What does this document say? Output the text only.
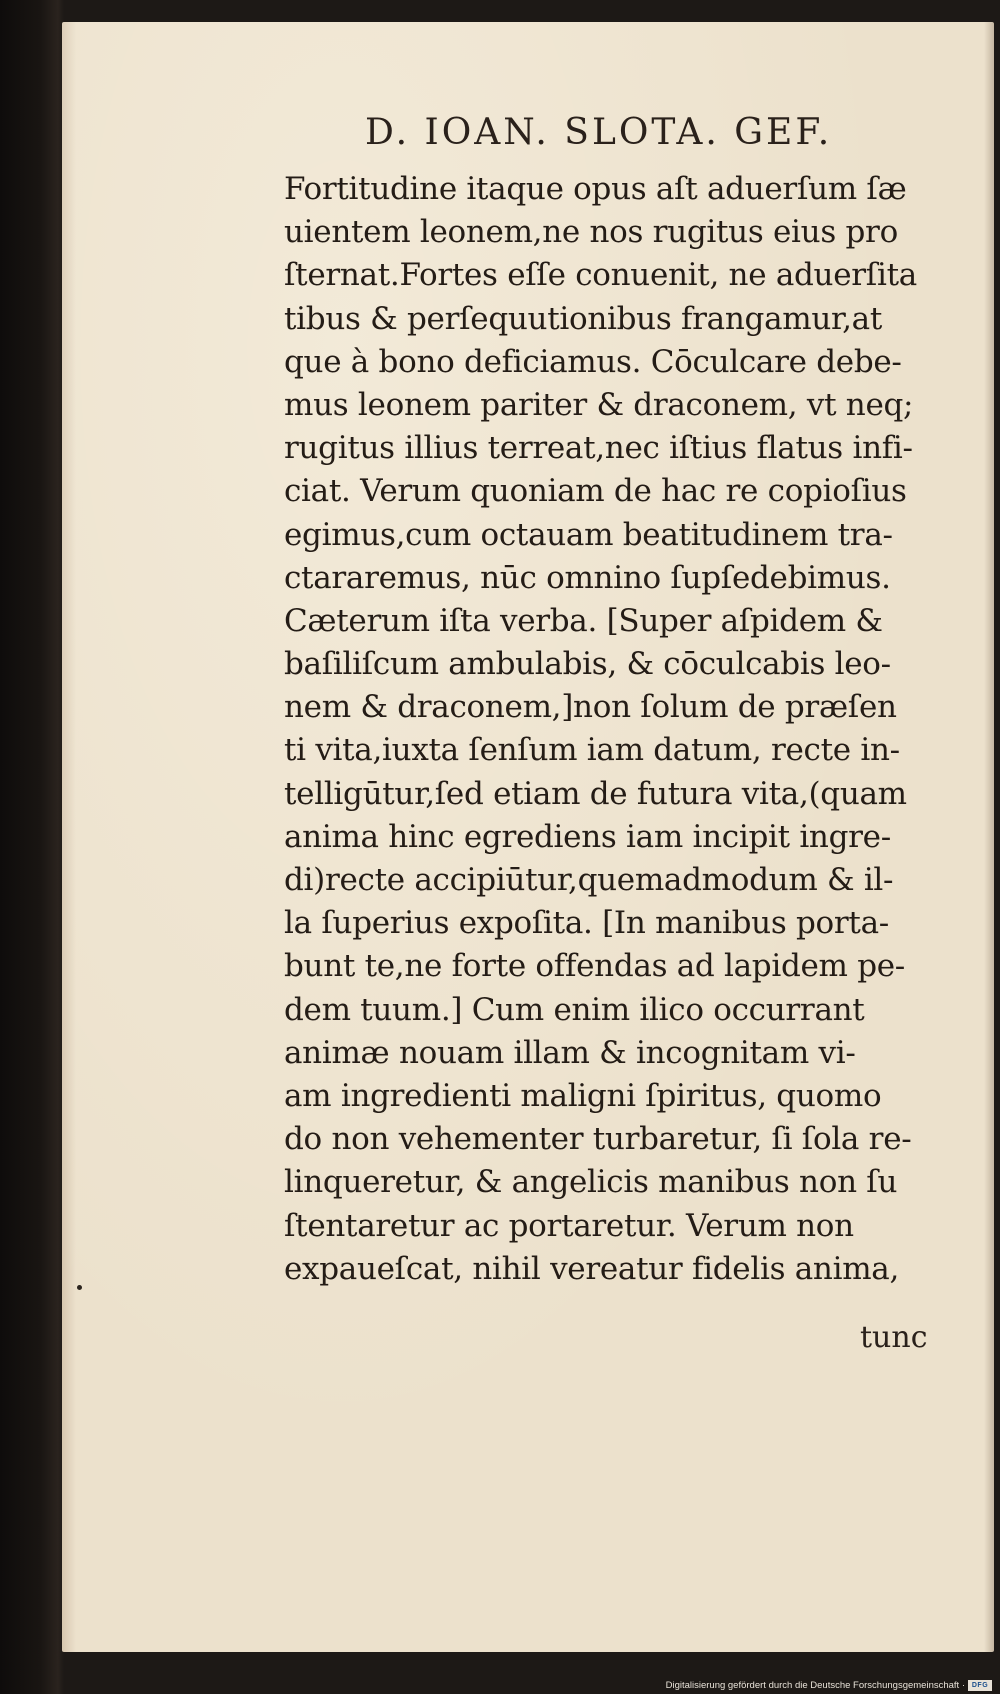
D. IOAN. SLOTA. GEF.
Fortitudine itaque opus aſt aduerſum ſæ
uientem leonem,ne nos rugitus eius pro
ſternat.Fortes eſſe conuenit, ne aduerſita
tibus & perſequutionibus frangamur,at
que à bono deficiamus. Cōculcare debe-
mus leonem pariter & draconem, vt neq;
rugitus illius terreat,nec iſtius flatus infi-
ciat. Verum quoniam de hac re copioſius
egimus,cum octauam beatitudinem tra-
ctararemus, nūc omnino ſupſedebimus.
Cæterum iſta verba. [Super aſpidem &
baſiliſcum ambulabis, & cōculcabis leo-
nem & draconem,]non ſolum de præſen
ti vita,iuxta ſenſum iam datum, recte in-
telligūtur,ſed etiam de futura vita,(quam
anima hinc egrediens iam incipit ingre-
di)recte accipiūtur,quemadmodum & il-
la ſuperius expoſita. [In manibus porta-
bunt te,ne forte offendas ad lapidem pe-
dem tuum.] Cum enim ilico occurrant
animæ nouam illam & incognitam vi-
am ingredienti maligni ſpiritus, quomo
do non vehementer turbaretur, ſi ſola re-
linqueretur, & angelicis manibus non ſu
ſtentaretur ac portaretur. Verum non
expaueſcat, nihil vereatur fidelis anima,
tunc
Digitalisierung gefördert durch die Deutsche Forschungsgemeinschaft · DFG
